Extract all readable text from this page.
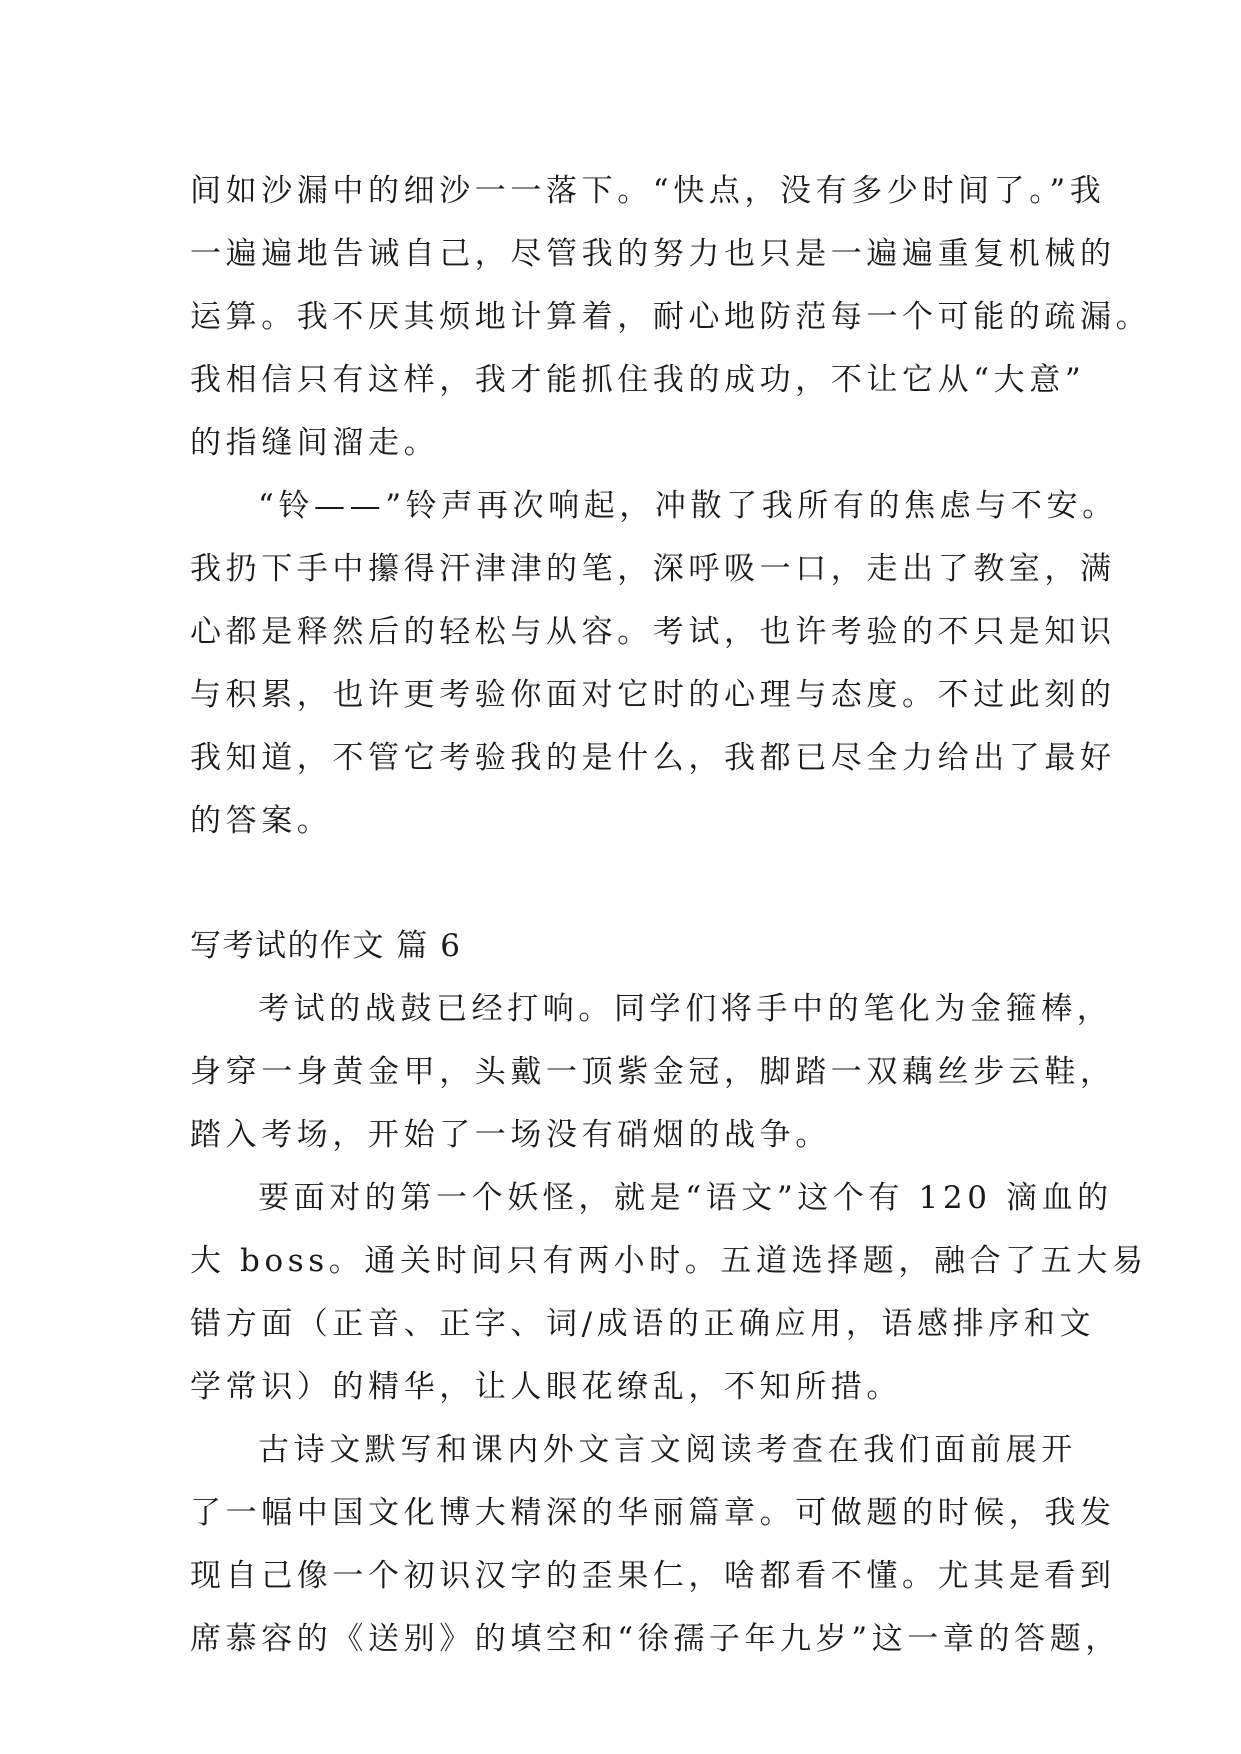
间如沙漏中的细沙一一落下。“快点，没有多少时间了。”我
一遍遍地告诫自己，尽管我的努力也只是一遍遍重复机械的
运算。我不厌其烦地计算着，耐心地防范每一个可能的疏漏。
我相信只有这样，我才能抓住我的成功，不让它从“大意”
的指缝间溜走。
“铃——”铃声再次响起，冲散了我所有的焦虑与不安。
我扔下手中攥得汗津津的笔，深呼吸一口，走出了教室，满
心都是释然后的轻松与从容。考试，也许考验的不只是知识
与积累，也许更考验你面对它时的心理与态度。不过此刻的
我知道，不管它考验我的是什么，我都已尽全力给出了最好
的答案。
写考试的作文 篇 6
考试的战鼓已经打响。同学们将手中的笔化为金箍棒，
身穿一身黄金甲，头戴一顶紫金冠，脚踏一双藕丝步云鞋，
踏入考场，开始了一场没有硝烟的战争。
要面对的第一个妖怪，就是“语文”这个有 120 滴血的
大 boss。通关时间只有两小时。五道选择题，融合了五大易
错方面（正音、正字、词/成语的正确应用，语感排序和文
学常识）的精华，让人眼花缭乱，不知所措。
古诗文默写和课内外文言文阅读考查在我们面前展开
了一幅中国文化博大精深的华丽篇章。可做题的时候，我发
现自己像一个初识汉字的歪果仁，啥都看不懂。尤其是看到
席慕容的《送别》的填空和“徐孺子年九岁”这一章的答题，
